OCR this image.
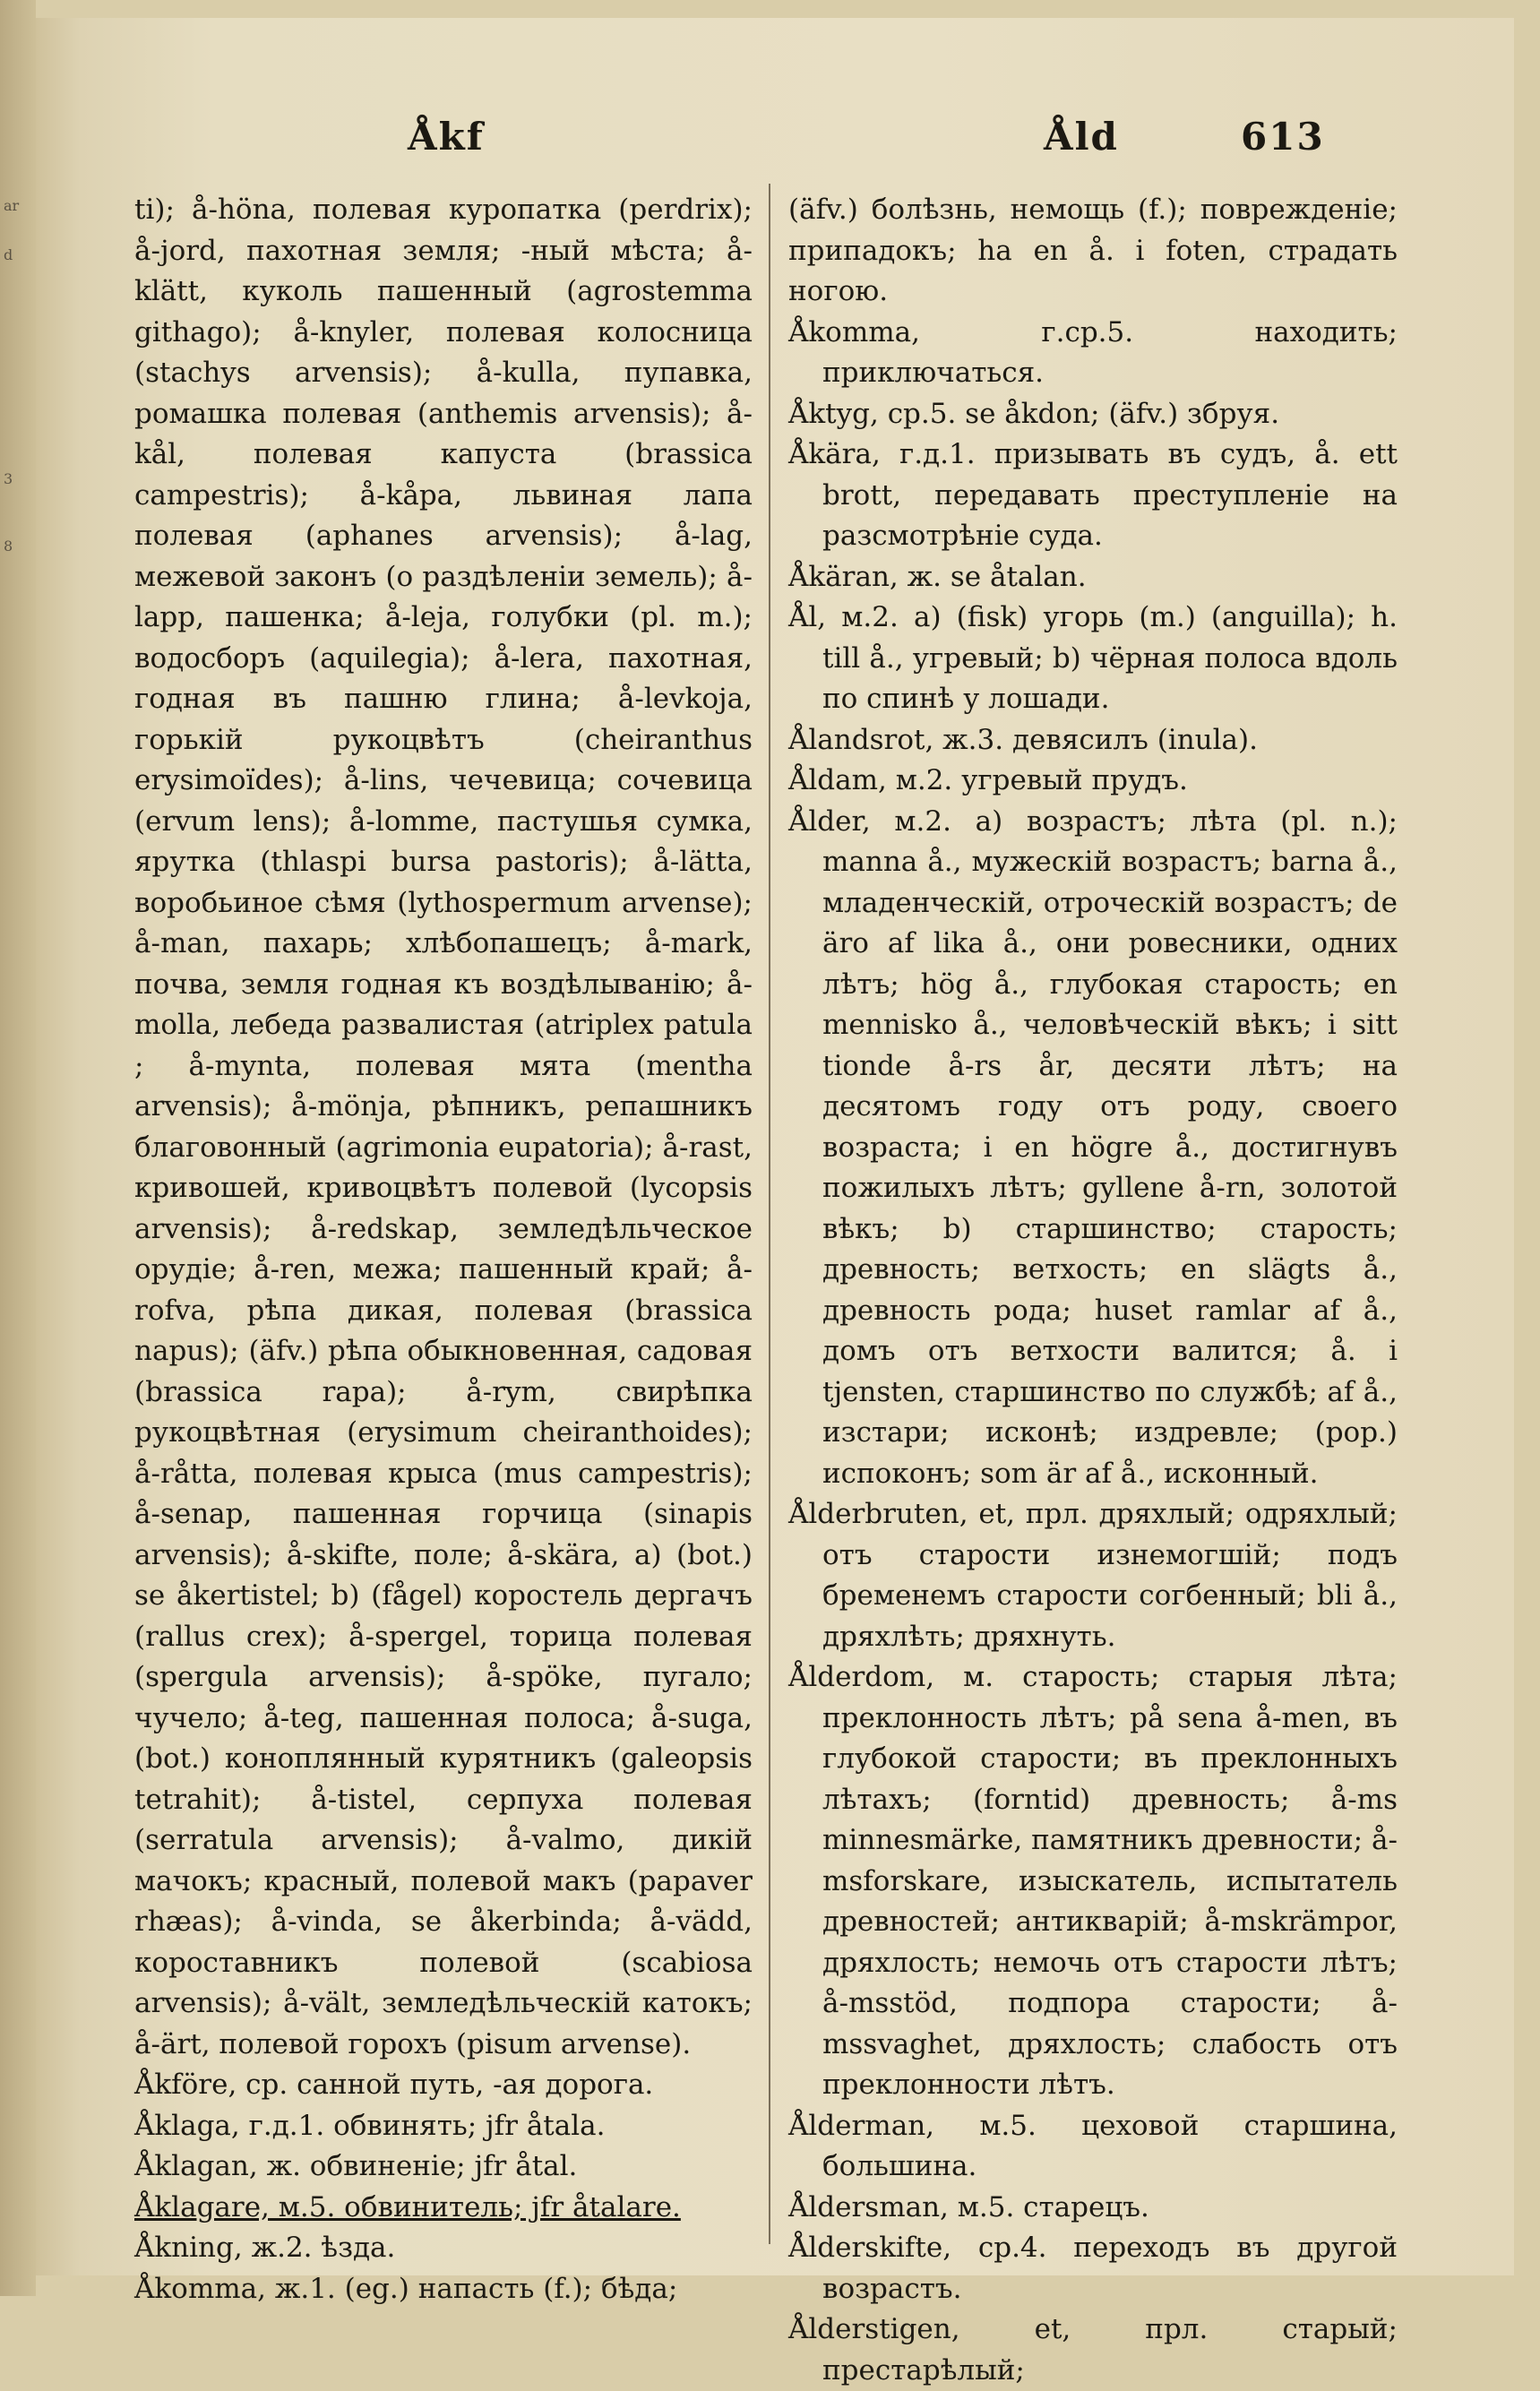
ar
d
3
8
Åkf	Åld	613

ti); å-höna, полевая куропатка (perdrix); å-jord, пахотная земля; -ный мѣста; å-klätt, куколь пашенный (agrostemma githago); å-knyler, полевая колосница (stachys arvensis); å-kulla, пупавка, ромашка полевая (anthemis arvensis); å-kål, полевая капуста (brassica campestris); å-kåpa, львиная лапа полевая (aphanes arvensis); å-lag, межевой законъ (о раздѣленіи земель); å-lapp, пашенка; å-leja, голубки (pl. m.); водосборъ (aquilegia); å-lera, пахотная, годная въ пашню глина; å-levkoja, горькій рукоцвѣтъ (cheiranthus erysimoïdes); å-lins, чечевица; сочевица (ervum lens); å-lomme, пастушья сумка, ярутка (thlaspi bursa pastoris); å-lätta, воробьиное сѣмя (lythospermum arvense); å-man, пахарь; хлѣбопашецъ; å-mark, почва, земля годная къ воздѣлыванію; å-molla, лебеда развалистая (atriplex patula ; å-mynta, полевая мята (mentha arvensis); å-mönja, рѣпникъ, репашникъ благовонный (agrimonia eupatoria); å-rast, кривошей, кривоцвѣтъ полевой (lycopsis arvensis); å-redskap, земледѣльческое орудіе; å-ren, межа; пашенный край; å-rofva, рѣпа дикая, полевая (brassica napus); (äfv.) рѣпа обыкновенная, садовая (brassica rapa); å-rym, свирѣпка рукоцвѣтная (erysimum cheiranthoides); å-råtta, полевая крыса (mus campestris); å-senap, пашенная горчица (sinapis arvensis); å-skifte, поле; å-skära, a) (bot.) se åkertistel; b) (fågel) коростель дергачъ (rallus crex); å-spergel, торица полевая (spergula arvensis); å-spöke, пугало; чучело; å-teg, пашенная полоса; å-suga, (bot.) коноплянный курятникъ (galeopsis tetrahit); å-tistel, серпуха полевая (serratula arvensis); å-valmo, дикій мачокъ; красный, полевой макъ (papaver rhæas); å-vinda, se åkerbinda; å-vädd, короставникъ полевой (scabiosa arvensis); å-vält, земледѣльческій катокъ; å-ärt, полевой горохъ (pisum arvense).

Åkföre, ср. санной путь, -ая дорога.

Åklaga, г.д.1. обвинять; jfr åtala.

Åklagan, ж. обвиненіе; jfr åtal.

Åklagare, м.5. обвинитель; jfr åtalare.

Åkning, ж.2. ѣзда.

Åkomma, ж.1. (eg.) напасть (f.); бѣда;

(äfv.) болѣзнь, немощь (f.); поврежденіе; припадокъ; ha en å. i foten, страдать ногою.

Åkomma, г.ср.5. находить; приключаться.

Åktyg, ср.5. se åkdon; (äfv.) збруя.

Åkära, г.д.1. призывать въ судъ, å. ett brott, передавать преступленіе на разсмотрѣніе суда.

Åkäran, ж. se åtalan.

Ål, м.2. a) (fisk) угорь (m.) (anguilla); h. till å., угревый; b) чёрная полоса вдоль по спинѣ у лошади.

Ålandsrot, ж.3. девясилъ (inula).

Åldam, м.2. угревый прудъ.

Ålder, м.2. a) возрастъ; лѣта (pl. n.); manna å., мужескій возрастъ; barna å., младенческій, отроческій возрастъ; de äro af lika å., они ровесники, одних лѣтъ; hög å., глубокая старость; en mennisko å., человѣческій вѣкъ; i sitt tionde å-rs år, десяти лѣтъ; на десятомъ году отъ роду, своего возраста; i en högre å., достигнувъ пожилыхъ лѣтъ; gyllene å-rn, золотой вѣкъ; b) старшинство; старость; древность; ветхость; en slägts å., древность рода; huset ramlar af å., домъ отъ ветхости валится; å. i tjensten, старшинство по службѣ; af å., изстари; исконѣ; издревле; (pop.) испоконъ; som är af å., исконный.

Ålderbruten, et, прл. дряхлый; одряхлый; отъ старости изнемогшій; подъ бременемъ старости согбенный; bli å., дряхлѣть; дряхнуть.

Ålderdom, м. старость; старыя лѣта; преклонность лѣтъ; på sena å-men, въ глубокой старости; въ преклонныхъ лѣтахъ; (forntid) древность; å-ms minnesmärke, памятникъ древности; å-msforskare, изыскатель, испытатель древностей; антикварій; å-mskrämpor, дряхлость; немочь отъ старости лѣтъ; å-msstöd, подпора старости; å-mssvaghet, дряхлость; слабость отъ преклонности лѣтъ.

Ålderman, м.5. цеховой старшина, большина.

Åldersman, м.5. старецъ.

Ålderskifte, ср.4. переходъ въ другой возрастъ.

Ålderstigen, et, прл. старый; престарѣлый;
